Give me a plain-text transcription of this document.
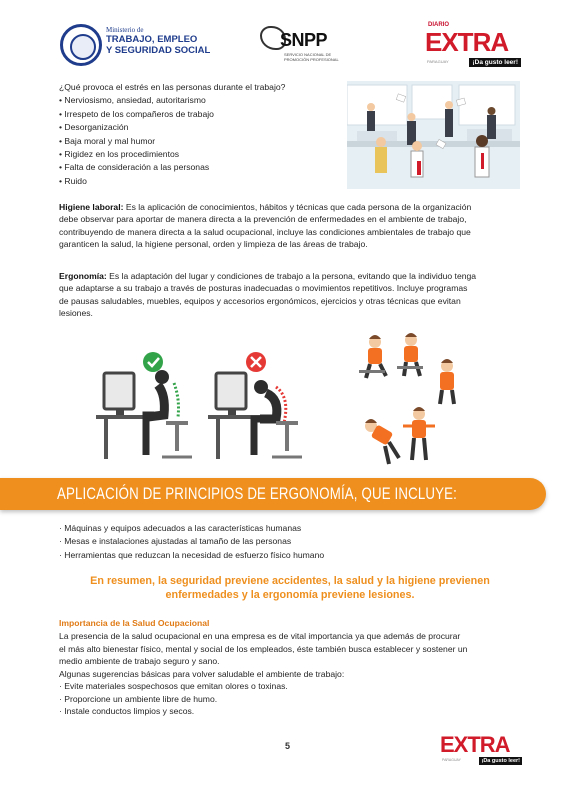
Ministerio de
TRABAJO, EMPLEO
Y SEGURIDAD SOCIAL
SNPP
SERVICIO NACIONAL DE PROMOCIÓN PROFESIONAL
DIARIO
EXTRA
PARAGUAY	¡Da gusto leer!

¿Qué provoca el estrés en las personas durante el trabajo?

• Nerviosismo, ansiedad, autoritarismo
• Irrespeto de los compañeros de trabajo
• Desorganización
• Baja moral y mal humor
• Rigidez en los procedimientos
• Falta de consideración a las personas
• Ruido
Higiene laboral: Es la aplicación de conocimientos, hábitos y técnicas que cada persona de la organización
debe observar para aportar de manera directa a la prevención de enfermedades en el ambiente de trabajo,
contribuyendo de manera directa a la salud ocupacional, incluye las condiciones ambientales de trabajo que
garanticen la salud, la higiene personal, orden y limpieza de las áreas de trabajo.
Ergonomía: Es la adaptación del lugar y condiciones de trabajo a la persona, evitando que la individuo tenga
que adaptarse a su trabajo a través de posturas inadecuadas o movimientos repetitivos. Incluye programas
de pausas saludables, muebles, equipos y accesorios ergonómicos, ejercicios y otras técnicas que evitan
lesiones.
APLICACIÓN DE PRINCIPIOS DE ERGONOMÍA, QUE INCLUYE:
· Máquinas y equipos adecuados a las características humanas
· Mesas e instalaciones ajustadas al tamaño de las personas
· Herramientas que reduzcan la necesidad de esfuerzo físico humano
En resumen, la seguridad previene accidentes, la salud y la higiene previenen
enfermedades y la ergonomía previene lesiones.
Importancia de la Salud Ocupacional
La presencia de la salud ocupacional en una empresa es de vital importancia ya que además de procurar
el más alto bienestar físico, mental y social de los empleados, éste también busca establecer y sostener un
medio ambiente de trabajo seguro y sano.
Algunas sugerencias básicas para volver saludable el ambiente de trabajo:
· Evite materiales sospechosos que emitan olores o toxinas.
· Proporcione un ambiente libre de humo.
· Instale conductos limpios y secos.
5	EXTRA
PARAGUAY	¡Da gusto leer!
